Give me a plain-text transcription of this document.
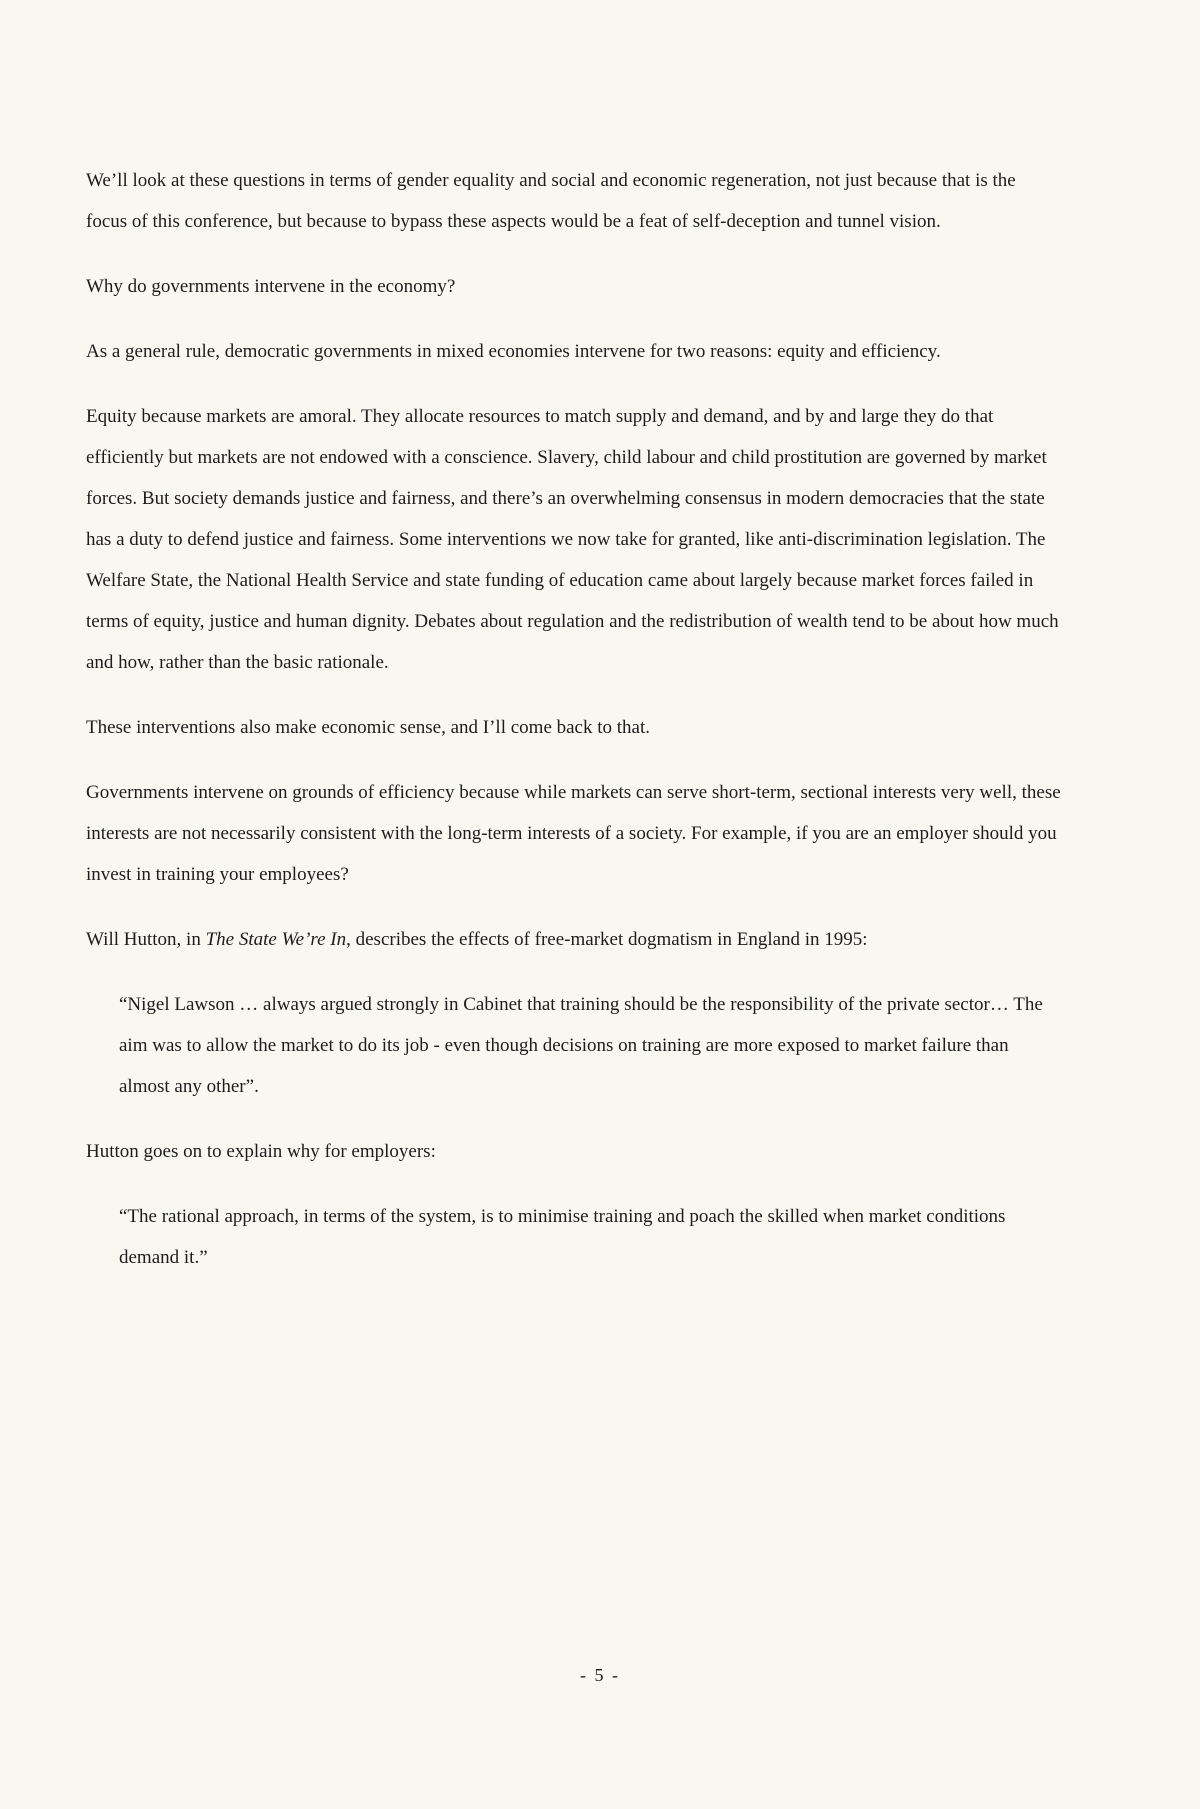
We’ll look at these questions in terms of gender equality and social and economic regeneration, not just because that is the focus of this conference, but because to bypass these aspects would be a feat of self-deception and tunnel vision.

Why do governments intervene in the economy?

As a general rule, democratic governments in mixed economies intervene for two reasons: equity and efficiency.

Equity because markets are amoral. They allocate resources to match supply and demand, and by and large they do that efficiently but markets are not endowed with a conscience. Slavery, child labour and child prostitution are governed by market forces. But society demands justice and fairness, and there’s an overwhelming consensus in modern democracies that the state has a duty to defend justice and fairness. Some interventions we now take for granted, like anti-discrimination legislation. The Welfare State, the National Health Service and state funding of education came about largely because market forces failed in terms of equity, justice and human dignity. Debates about regulation and the redistribution of wealth tend to be about how much and how, rather than the basic rationale.

These interventions also make economic sense, and I’ll come back to that.

Governments intervene on grounds of efficiency because while markets can serve short-term, sectional interests very well, these interests are not necessarily consistent with the long-term interests of a society. For example, if you are an employer should you invest in training your employees?

Will Hutton, in The State We’re In, describes the effects of free-market dogmatism in England in 1995:

“Nigel Lawson … always argued strongly in Cabinet that training should be the responsibility of the private sector… The aim was to allow the market to do its job - even though decisions on training are more exposed to market failure than almost any other”.

Hutton goes on to explain why for employers:

“The rational approach, in terms of the system, is to minimise training and poach the skilled when market conditions demand it.”

- 5 -
